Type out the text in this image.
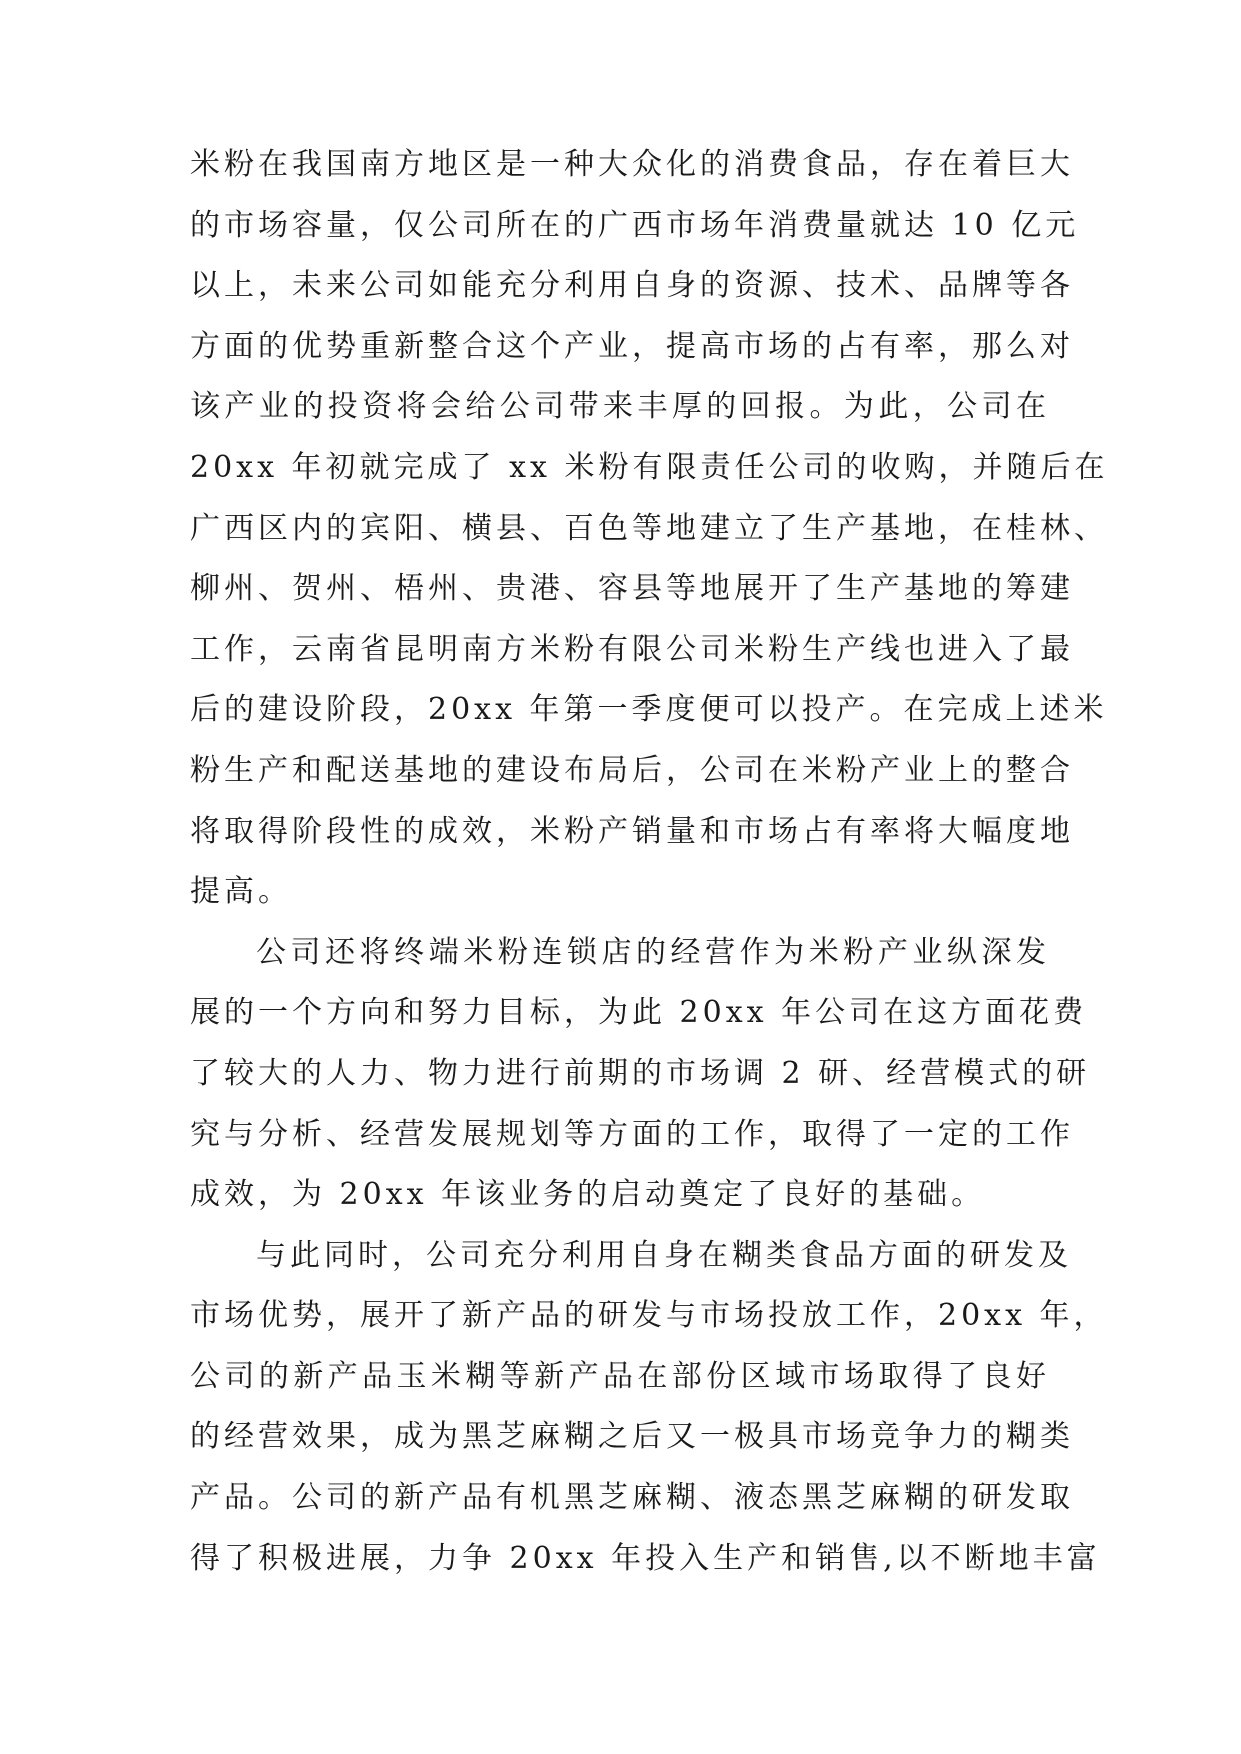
米粉在我国南方地区是一种大众化的消费食品，存在着巨大
的市场容量，仅公司所在的广西市场年消费量就达 10 亿元
以上，未来公司如能充分利用自身的资源、技术、品牌等各
方面的优势重新整合这个产业，提高市场的占有率，那么对
该产业的投资将会给公司带来丰厚的回报。为此，公司在
20xx 年初就完成了 xx 米粉有限责任公司的收购，并随后在
广西区内的宾阳、横县、百色等地建立了生产基地，在桂林、
柳州、贺州、梧州、贵港、容县等地展开了生产基地的筹建
工作，云南省昆明南方米粉有限公司米粉生产线也进入了最
后的建设阶段，20xx 年第一季度便可以投产。在完成上述米
粉生产和配送基地的建设布局后，公司在米粉产业上的整合
将取得阶段性的成效，米粉产销量和市场占有率将大幅度地
提高。
公司还将终端米粉连锁店的经营作为米粉产业纵深发
展的一个方向和努力目标，为此 20xx 年公司在这方面花费
了较大的人力、物力进行前期的市场调 2 研、经营模式的研
究与分析、经营发展规划等方面的工作，取得了一定的工作
成效，为 20xx 年该业务的启动奠定了良好的基础。
与此同时，公司充分利用自身在糊类食品方面的研发及
市场优势，展开了新产品的研发与市场投放工作，20xx 年，
公司的新产品玉米糊等新产品在部份区域市场取得了良好
的经营效果，成为黑芝麻糊之后又一极具市场竞争力的糊类
产品。公司的新产品有机黑芝麻糊、液态黑芝麻糊的研发取
得了积极进展，力争 20xx 年投入生产和销售,以不断地丰富
